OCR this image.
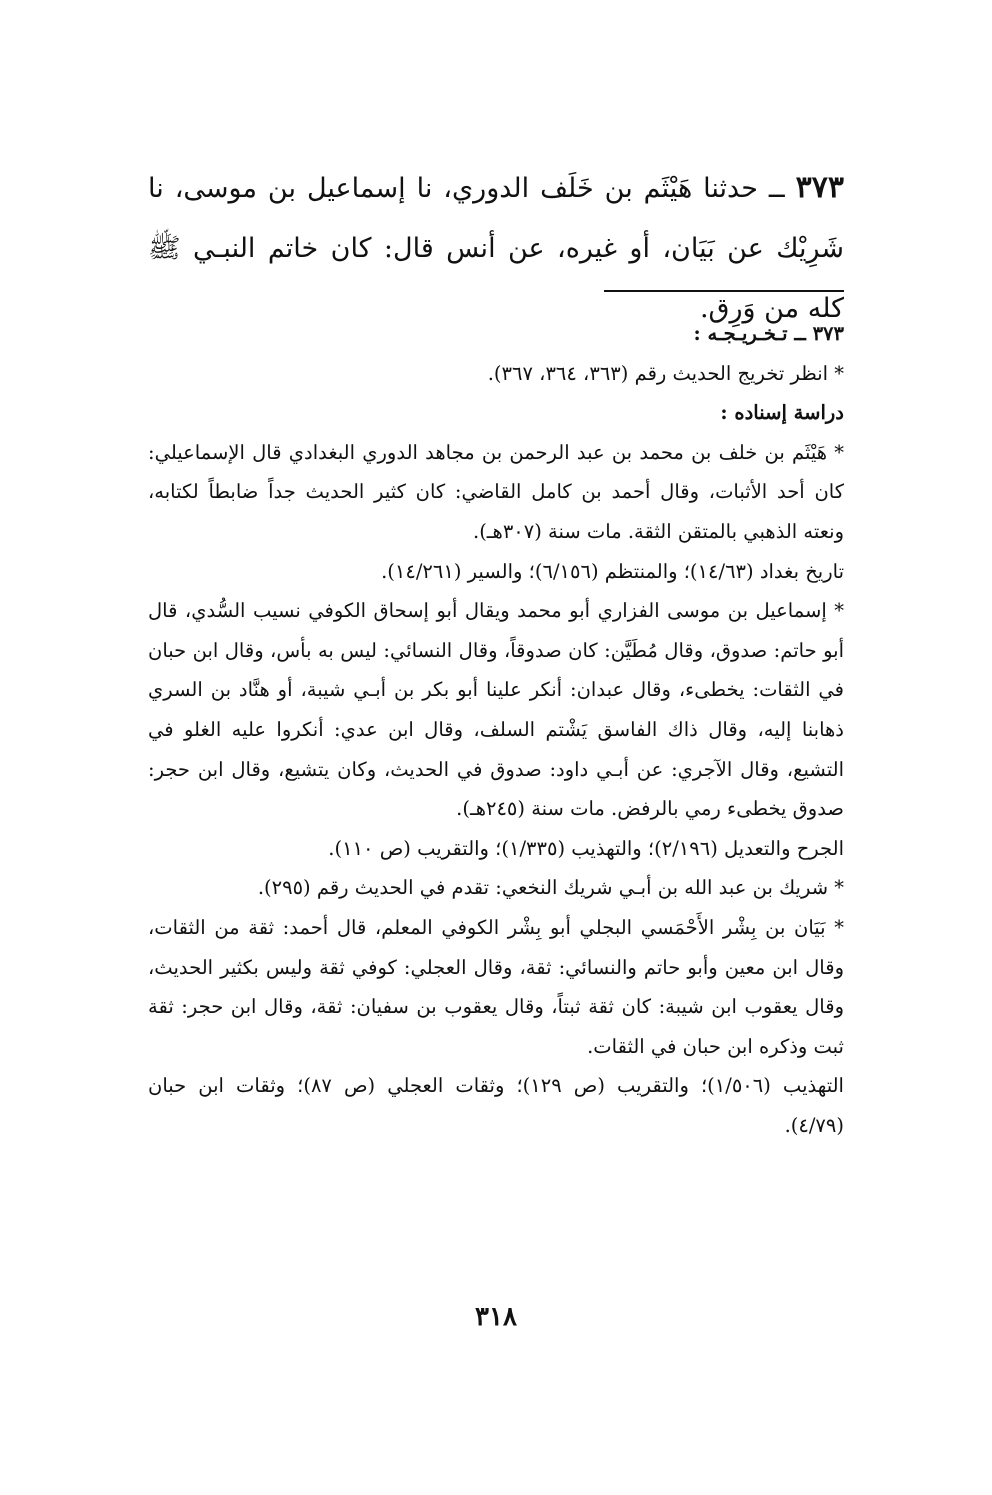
٣٧٣ ــ حدثنا هَيْثَم بن خَلَف الدوري، نا إسماعيل بن موسى، نا شَرِيْك عن بَيَان، أو غيره، عن أنس قال: كان خاتم النبـي ﷺ كله من وَرِق.

٣٧٣ ــ تـخـريـجـه :

* انظر تخريج الحديث رقم (٣٦٣، ٣٦٤، ٣٦٧).

دراسة إسناده :

* هَيْثَم بن خلف بن محمد بن عبد الرحمن بن مجاهد الدوري البغدادي قال الإسماعيلي: كان أحد الأثبات، وقال أحمد بن كامل القاضي: كان كثير الحديث جداً ضابطاً لكتابه، ونعته الذهبي بالمتقن الثقة. مات سنة (٣٠٧هـ).

تاريخ بغداد (١٤/٦٣)؛ والمنتظم (٦/١٥٦)؛ والسير (١٤/٢٦١).

* إسماعيل بن موسى الفزاري أبو محمد ويقال أبو إسحاق الكوفي نسيب السُّدي، قال أبو حاتم: صدوق، وقال مُطَيَّن: كان صدوقاً، وقال النسائي: ليس به بأس، وقال ابن حبان في الثقات: يخطىء، وقال عبدان: أنكر علينا أبو بكر بن أبـي شيبة، أو هنَّاد بن السري ذهابنا إليه، وقال ذاك الفاسق يَشْتم السلف، وقال ابن عدي: أنكروا عليه الغلو في التشيع، وقال الآجري: عن أبـي داود: صدوق في الحديث، وكان يتشيع، وقال ابن حجر: صدوق يخطىء رمي بالرفض. مات سنة (٢٤٥هـ).

الجرح والتعديل (٢/١٩٦)؛ والتهذيب (١/٣٣٥)؛ والتقريب (ص ١١٠).

* شريك بن عبد الله بن أبـي شريك النخعي: تقدم في الحديث رقم (٢٩٥).

* بَيَان بن بِشْر الأَحْمَسي البجلي أبو بِشْر الكوفي المعلم، قال أحمد: ثقة من الثقات، وقال ابن معين وأبو حاتم والنسائي: ثقة، وقال العجلي: كوفي ثقة وليس بكثير الحديث، وقال يعقوب ابن شيبة: كان ثقة ثبتاً، وقال يعقوب بن سفيان: ثقة، وقال ابن حجر: ثقة ثبت وذكره ابن حبان في الثقات.

التهذيب (١/٥٠٦)؛ والتقريب (ص ١٢٩)؛ وثقات العجلي (ص ٨٧)؛ وثقات ابن حبان (٤/٧٩).

٣١٨
